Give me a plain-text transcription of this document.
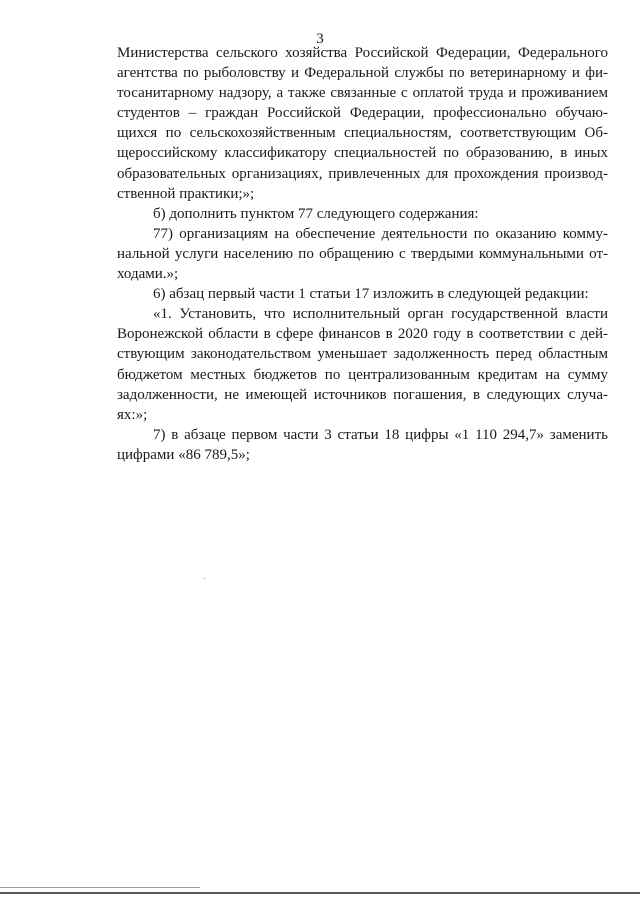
3
Министерства сельского хозяйства Российской Федерации, Федерального
агентства по рыболовству и Федеральной службы по ветеринарному и фи-
тосанитарному надзору, а также связанные с оплатой труда и проживанием
студентов – граждан Российской Федерации, профессионально обучаю-
щихся по сельскохозяйственным специальностям, соответствующим Об-
щероссийскому классификатору специальностей по образованию, в иных
образовательных организациях, привлеченных для прохождения производ-
ственной практики;»;
б) дополнить пунктом 77 следующего содержания:
77) организациям на обеспечение деятельности по оказанию комму-
нальной услуги населению по обращению с твердыми коммунальными от-
ходами.»;
6) абзац первый части 1 статьи 17 изложить в следующей редакции:
«1. Установить, что исполнительный орган государственной власти
Воронежской области в сфере финансов в 2020 году в соответствии с дей-
ствующим законодательством уменьшает задолженность перед областным
бюджетом местных бюджетов по централизованным кредитам на сумму
задолженности, не имеющей источников погашения, в следующих случа-
ях:»;
7) в абзаце первом части 3 статьи 18 цифры «1 110 294,7» заменить
цифрами «86 789,5»;
